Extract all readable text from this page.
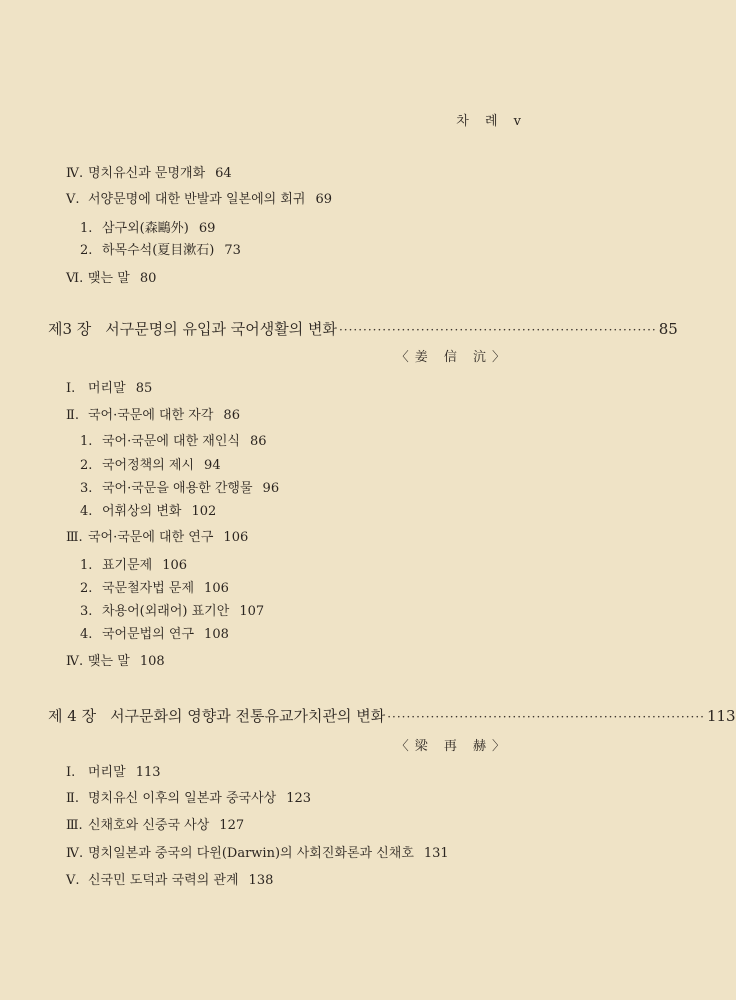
차 례 v
Ⅳ. 명치유신과 문명개화 64
Ⅴ. 서양문명에 대한 반발과 일본에의 회귀 69
1. 삼구외(森鷗外) 69
2. 하목수석(夏目漱石) 73
Ⅵ. 맺는 말 80
제3 장 서구문명의 유입과 국어생활의 변화 ·································································· 85
〈姜 信 沆〉
Ⅰ. 머리말 85
Ⅱ. 국어·국문에 대한 자각 86
1. 국어·국문에 대한 재인식 86
2. 국어정책의 제시 94
3. 국어·국문을 애용한 간행물 96
4. 어휘상의 변화 102
Ⅲ. 국어·국문에 대한 연구 106
1. 표기문제 106
2. 국문철자법 문제 106
3. 차용어(외래어) 표기안 107
4. 국어문법의 연구 108
Ⅳ. 맺는 말 108
제 4 장 서구문화의 영향과 전통유교가치관의 변화 ·································································· 113
〈梁 再 赫〉
Ⅰ. 머리말 113
Ⅱ. 명치유신 이후의 일본과 중국사상 123
Ⅲ. 신채호와 신중국 사상 127
Ⅳ. 명치일본과 중국의 다윈(Darwin)의 사회진화론과 신채호 131
Ⅴ. 신국민 도덕과 국력의 관계 138
